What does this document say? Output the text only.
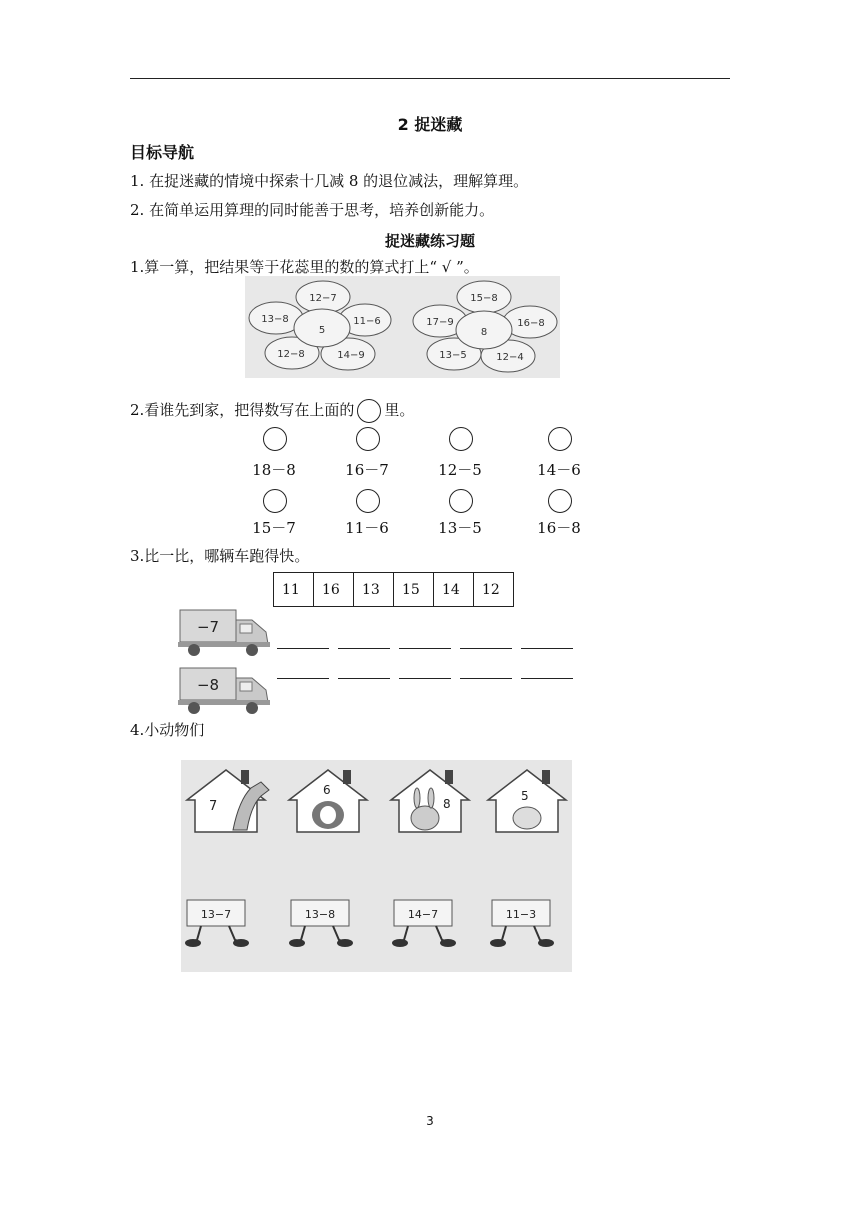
2 捉迷藏
目标导航
1. 在捉迷藏的情境中探索十几减 8 的退位减法，理解算理。
2. 在简单运用算理的同时能善于思考，培养创新能力。
捉迷藏练习题
1.算一算，把结果等于花蕊里的数的算式打上“ √ ”。
12−7
11−6
14−9
12−8
13−8
5
15−8
16−8
12−4
13−5
17−9
8
2.看谁先到家，把得数写在上面的 里。
18－8	16－7	12－5	14－6
15－7	11－6	13－5	16－8
3.比一比，哪辆车跑得快。
11	16	13	15	14	12
−7
−8
4.小动物们
7
6
8
5
13−7	13−8	14−7	11−3
3
